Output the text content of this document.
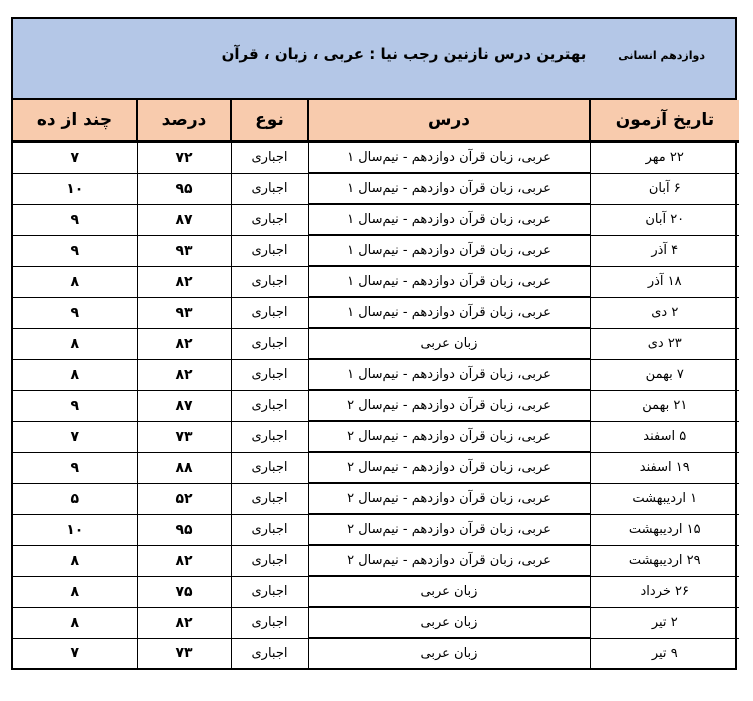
دوازدهم انسانی
بهترین درس نازنین رجب نیا : عربی ، زبان ، قرآن
تاریخ آزمون	درس	نوع	درصد	چند از ده
۲۲ مهر	عربی، زبان قرآن دوازدهم - نیم‌سال ۱	اجباری	۷۲	۷
۶ آبان	عربی، زبان قرآن دوازدهم - نیم‌سال ۱	اجباری	۹۵	۱۰
۲۰ آبان	عربی، زبان قرآن دوازدهم - نیم‌سال ۱	اجباری	۸۷	۹
۴ آذر	عربی، زبان قرآن دوازدهم - نیم‌سال ۱	اجباری	۹۳	۹
۱۸ آذر	عربی، زبان قرآن دوازدهم - نیم‌سال ۱	اجباری	۸۲	۸
۲ دی	عربی، زبان قرآن دوازدهم - نیم‌سال ۱	اجباری	۹۳	۹
۲۳ دی	زبان عربی	اجباری	۸۲	۸
۷ بهمن	عربی، زبان قرآن دوازدهم - نیم‌سال ۱	اجباری	۸۲	۸
۲۱ بهمن	عربی، زبان قرآن دوازدهم - نیم‌سال ۲	اجباری	۸۷	۹
۵ اسفند	عربی، زبان قرآن دوازدهم - نیم‌سال ۲	اجباری	۷۳	۷
۱۹ اسفند	عربی، زبان قرآن دوازدهم - نیم‌سال ۲	اجباری	۸۸	۹
۱ اردیبهشت	عربی، زبان قرآن دوازدهم - نیم‌سال ۲	اجباری	۵۲	۵
۱۵ اردیبهشت	عربی، زبان قرآن دوازدهم - نیم‌سال ۲	اجباری	۹۵	۱۰
۲۹ اردیبهشت	عربی، زبان قرآن دوازدهم - نیم‌سال ۲	اجباری	۸۲	۸
۲۶ خرداد	زبان عربی	اجباری	۷۵	۸
۲ تیر	زبان عربی	اجباری	۸۲	۸
۹ تیر	زبان عربی	اجباری	۷۳	۷
